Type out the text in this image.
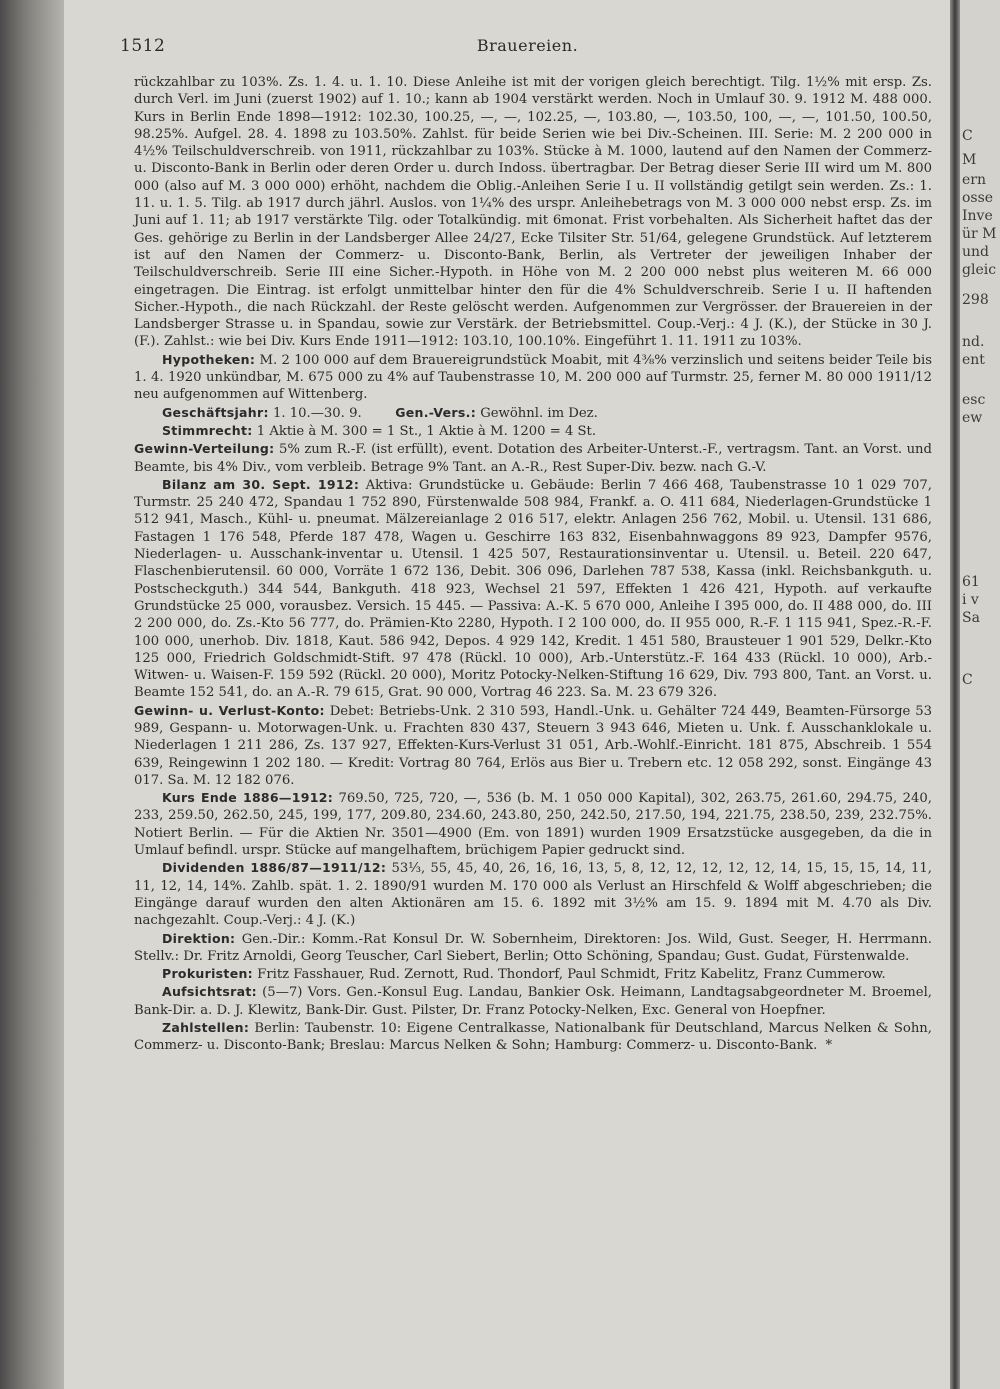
1512	Brauereien.

rückzahlbar zu 103%. Zs. 1. 4. u. 1. 10. Diese Anleihe ist mit der vorigen gleich berechtigt. Tilg. 1½% mit ersp. Zs. durch Verl. im Juni (zuerst 1902) auf 1. 10.; kann ab 1904 verstärkt werden. Noch in Umlauf 30. 9. 1912 M. 488 000. Kurs in Berlin Ende 1898—1912: 102.30, 100.25, —, —, 102.25, —, 103.80, —, 103.50, 100, —, —, 101.50, 100.50, 98.25%. Aufgel. 28. 4. 1898 zu 103.50%. Zahlst. für beide Serien wie bei Div.-Scheinen. III. Serie: M. 2 200 000 in 4½% Teilschuldverschreib. von 1911, rückzahlbar zu 103%. Stücke à M. 1000, lautend auf den Namen der Commerz- u. Disconto-Bank in Berlin oder deren Order u. durch Indoss. übertragbar. Der Betrag dieser Serie III wird um M. 800 000 (also auf M. 3 000 000) erhöht, nachdem die Oblig.-Anleihen Serie I u. II vollständig getilgt sein werden. Zs.: 1. 11. u. 1. 5. Tilg. ab 1917 durch jährl. Auslos. von 1¼% des urspr. Anleihebetrags von M. 3 000 000 nebst ersp. Zs. im Juni auf 1. 11; ab 1917 verstärkte Tilg. oder Totalkündig. mit 6monat. Frist vorbehalten. Als Sicherheit haftet das der Ges. gehörige zu Berlin in der Landsberger Allee 24/27, Ecke Tilsiter Str. 51/64, gelegene Grundstück. Auf letzterem ist auf den Namen der Commerz- u. Disconto-Bank, Berlin, als Vertreter der jeweiligen Inhaber der Teilschuldverschreib. Serie III eine Sicher.-Hypoth. in Höhe von M. 2 200 000 nebst plus weiteren M. 66 000 eingetragen. Die Eintrag. ist erfolgt unmittelbar hinter den für die 4% Schuldverschreib. Serie I u. II haftenden Sicher.-Hypoth., die nach Rückzahl. der Reste gelöscht werden. Aufgenommen zur Vergrösser. der Brauereien in der Landsberger Strasse u. in Spandau, sowie zur Verstärk. der Betriebsmittel. Coup.-Verj.: 4 J. (K.), der Stücke in 30 J. (F.). Zahlst.: wie bei Div. Kurs Ende 1911—1912: 103.10, 100.10%. Eingeführt 1. 11. 1911 zu 103%.

Hypotheken: M. 2 100 000 auf dem Brauereigrundstück Moabit, mit 4⅜% verzinslich und seitens beider Teile bis 1. 4. 1920 unkündbar, M. 675 000 zu 4% auf Taubenstrasse 10, M. 200 000 auf Turmstr. 25, ferner M. 80 000 1911/12 neu aufgenommen auf Wittenberg.

Geschäftsjahr: 1. 10.—30. 9.	Gen.-Vers.: Gewöhnl. im Dez.

Stimmrecht: 1 Aktie à M. 300 = 1 St., 1 Aktie à M. 1200 = 4 St.

Gewinn-Verteilung: 5% zum R.-F. (ist erfüllt), event. Dotation des Arbeiter-Unterst.-F., vertragsm. Tant. an Vorst. und Beamte, bis 4% Div., vom verbleib. Betrage 9% Tant. an A.-R., Rest Super-Div. bezw. nach G.-V.

Bilanz am 30. Sept. 1912: Aktiva: Grundstücke u. Gebäude: Berlin 7 466 468, Taubenstrasse 10 1 029 707, Turmstr. 25 240 472, Spandau 1 752 890, Fürstenwalde 508 984, Frankf. a. O. 411 684, Niederlagen-Grundstücke 1 512 941, Masch., Kühl- u. pneumat. Mälzereianlage 2 016 517, elektr. Anlagen 256 762, Mobil. u. Utensil. 131 686, Fastagen 1 176 548, Pferde 187 478, Wagen u. Geschirre 163 832, Eisenbahnwaggons 89 923, Dampfer 9576, Niederlagen- u. Ausschank-inventar u. Utensil. 1 425 507, Restaurationsinventar u. Utensil. u. Beteil. 220 647, Flaschenbierutensil. 60 000, Vorräte 1 672 136, Debit. 306 096, Darlehen 787 538, Kassa (inkl. Reichsbankguth. u. Postscheckguth.) 344 544, Bankguth. 418 923, Wechsel 21 597, Effekten 1 426 421, Hypoth. auf verkaufte Grundstücke 25 000, vorausbez. Versich. 15 445. — Passiva: A.-K. 5 670 000, Anleihe I 395 000, do. II 488 000, do. III 2 200 000, do. Zs.-Kto 56 777, do. Prämien-Kto 2280, Hypoth. I 2 100 000, do. II 955 000, R.-F. 1 115 941, Spez.-R.-F. 100 000, unerhob. Div. 1818, Kaut. 586 942, Depos. 4 929 142, Kredit. 1 451 580, Brausteuer 1 901 529, Delkr.-Kto 125 000, Friedrich Goldschmidt-Stift. 97 478 (Rückl. 10 000), Arb.-Unterstütz.-F. 164 433 (Rückl. 10 000), Arb.-Witwen- u. Waisen-F. 159 592 (Rückl. 20 000), Moritz Potocky-Nelken-Stiftung 16 629, Div. 793 800, Tant. an Vorst. u. Beamte 152 541, do. an A.-R. 79 615, Grat. 90 000, Vortrag 46 223. Sa. M. 23 679 326.

Gewinn- u. Verlust-Konto: Debet: Betriebs-Unk. 2 310 593, Handl.-Unk. u. Gehälter 724 449, Beamten-Fürsorge 53 989, Gespann- u. Motorwagen-Unk. u. Frachten 830 437, Steuern 3 943 646, Mieten u. Unk. f. Ausschanklokale u. Niederlagen 1 211 286, Zs. 137 927, Effekten-Kurs-Verlust 31 051, Arb.-Wohlf.-Einricht. 181 875, Abschreib. 1 554 639, Reingewinn 1 202 180. — Kredit: Vortrag 80 764, Erlös aus Bier u. Trebern etc. 12 058 292, sonst. Eingänge 43 017. Sa. M. 12 182 076.

Kurs Ende 1886—1912: 769.50, 725, 720, —, 536 (b. M. 1 050 000 Kapital), 302, 263.75, 261.60, 294.75, 240, 233, 259.50, 262.50, 245, 199, 177, 209.80, 234.60, 243.80, 250, 242.50, 217.50, 194, 221.75, 238.50, 239, 232.75%. Notiert Berlin. — Für die Aktien Nr. 3501—4900 (Em. von 1891) wurden 1909 Ersatzstücke ausgegeben, da die in Umlauf befindl. urspr. Stücke auf mangelhaftem, brüchigem Papier gedruckt sind.

Dividenden 1886/87—1911/12: 53⅓, 55, 45, 40, 26, 16, 16, 13, 5, 8, 12, 12, 12, 12, 12, 14, 15, 15, 15, 14, 11, 11, 12, 14, 14%. Zahlb. spät. 1. 2. 1890/91 wurden M. 170 000 als Verlust an Hirschfeld & Wolff abgeschrieben; die Eingänge darauf wurden den alten Aktionären am 15. 6. 1892 mit 3½% am 15. 9. 1894 mit M. 4.70 als Div. nachgezahlt. Coup.-Verj.: 4 J. (K.)

Direktion: Gen.-Dir.: Komm.-Rat Konsul Dr. W. Sobernheim, Direktoren: Jos. Wild, Gust. Seeger, H. Herrmann. Stellv.: Dr. Fritz Arnoldi, Georg Teuscher, Carl Siebert, Berlin; Otto Schöning, Spandau; Gust. Gudat, Fürstenwalde.

Prokuristen: Fritz Fasshauer, Rud. Zernott, Rud. Thondorf, Paul Schmidt, Fritz Kabelitz, Franz Cummerow.

Aufsichtsrat: (5—7) Vors. Gen.-Konsul Eug. Landau, Bankier Osk. Heimann, Landtagsabgeordneter M. Broemel, Bank-Dir. a. D. J. Klewitz, Bank-Dir. Gust. Pilster, Dr. Franz Potocky-Nelken, Exc. General von Hoepfner.

Zahlstellen: Berlin: Taubenstr. 10: Eigene Centralkasse, Nationalbank für Deutschland, Marcus Nelken & Sohn, Commerz- u. Disconto-Bank; Breslau: Marcus Nelken & Sohn; Hamburg: Commerz- u. Disconto-Bank. *

C
M
ern
osse
Inve
ür M
und
gleic
298
nd.
ent
esc
ew
61
i v
Sa
C
